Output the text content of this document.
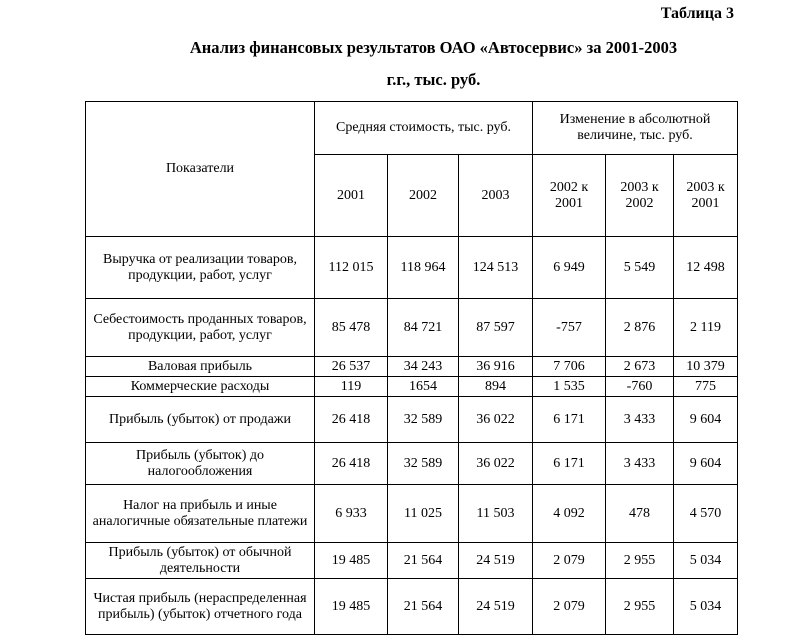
Таблица 3
Анализ финансовых результатов ОАО «Автосервис» за 2001-2003
г.г., тыс. руб.
Показатели	Средняя стоимость, тыс. руб.			Изменение в абсолютной величине, тыс. руб.		
	2001	2002	2003	2002 к 2001	2003 к 2002	2003 к 2001
Выручка от реализации товаров, продукции, работ, услуг	112 015	118 964	124 513	6 949	5 549	12 498
Себестоимость проданных товаров, продукции, работ, услуг	85 478	84 721	87 597	-757	2 876	2 119
Валовая прибыль	26 537	34 243	36 916	7 706	2 673	10 379
Коммерческие расходы	119	1654	894	1 535	-760	775
Прибыль (убыток) от продажи	26 418	32 589	36 022	6 171	3 433	9 604
Прибыль (убыток) до налогообложения	26 418	32 589	36 022	6 171	3 433	9 604
Налог на прибыль и иные аналогичные обязательные платежи	6 933	11 025	11 503	4 092	478	4 570
Прибыль (убыток) от обычной деятельности	19 485	21 564	24 519	2 079	2 955	5 034
Чистая прибыль (нераспределенная прибыль) (убыток) отчетного года	19 485	21 564	24 519	2 079	2 955	5 034
